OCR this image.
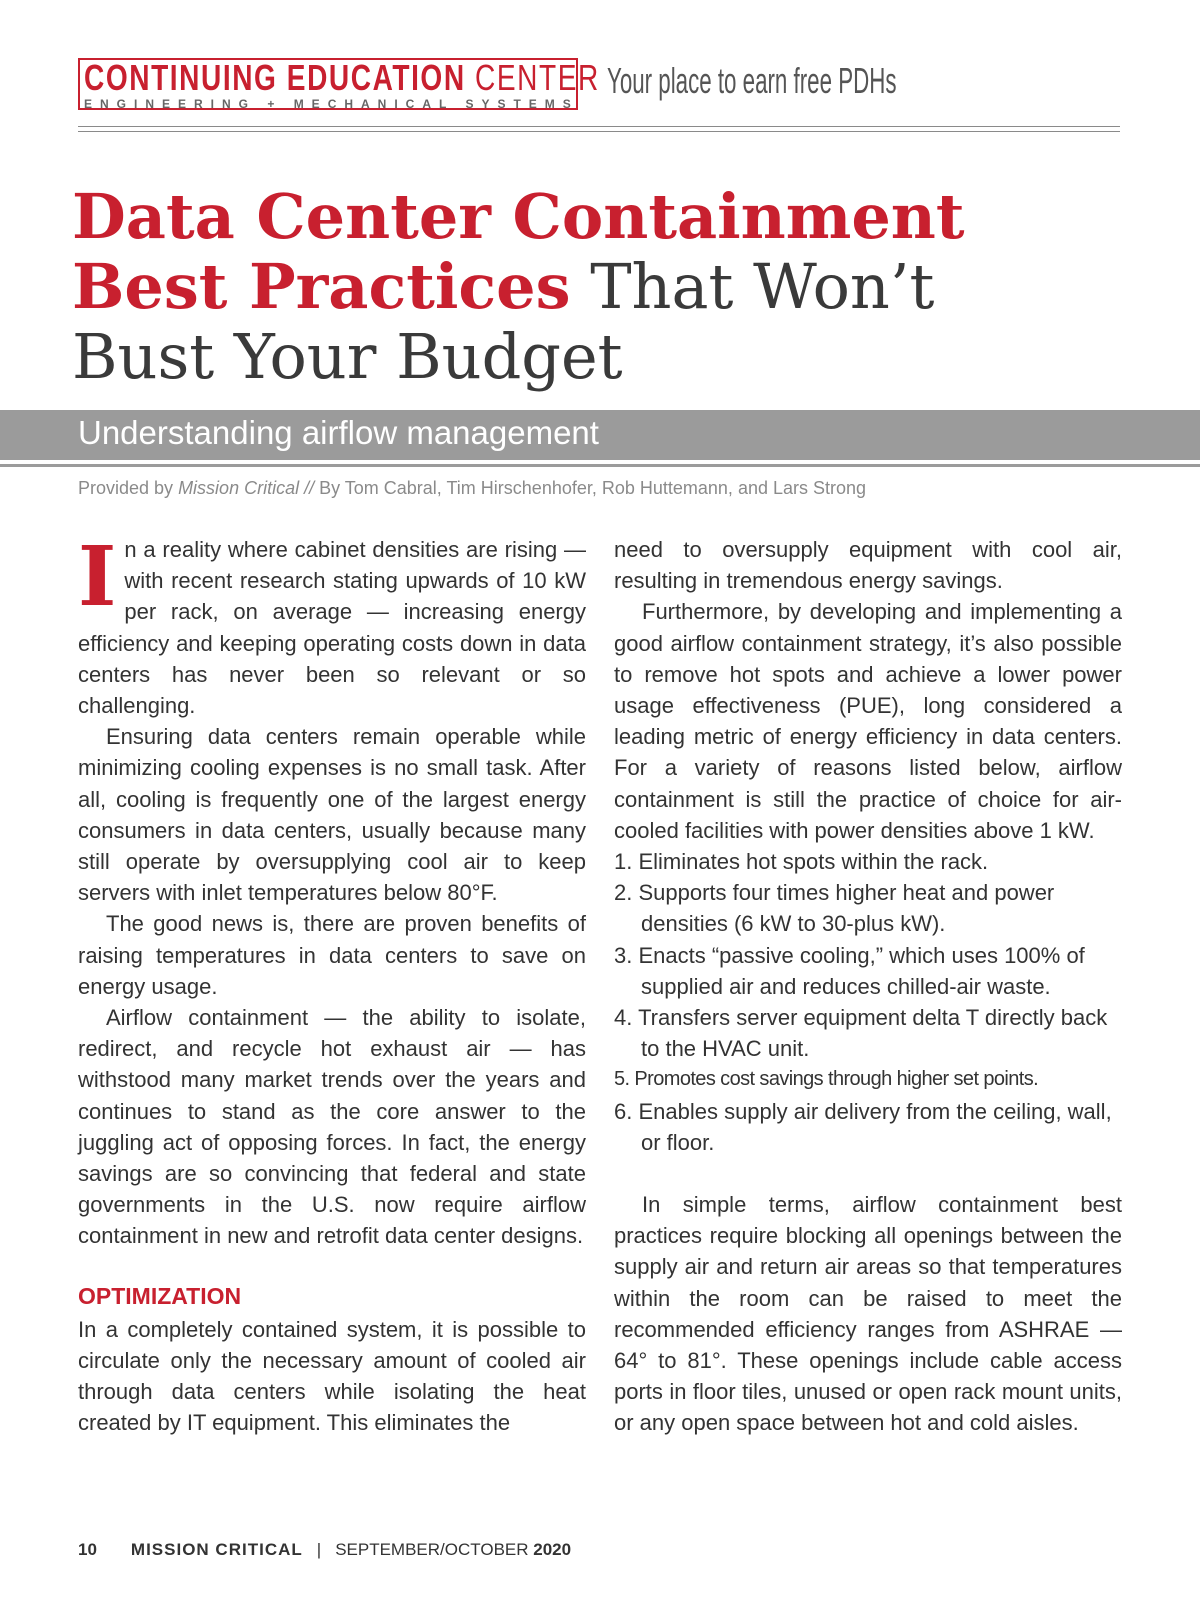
CONTINUING EDUCATION CENTER
ENGINEERING + MECHANICAL SYSTEMS
Your place to earn free PDHs
Data Center Containment
Best Practices That Won’t
Bust Your Budget
Understanding airflow management
Provided by Mission Critical // By Tom Cabral, Tim Hirschenhofer, Rob Huttemann, and Lars Strong

In a reality where cabinet densities are rising — with recent research stating upwards of 10 kW per rack, on average — increasing energy efficiency and keeping operating costs down in data centers has never been so relevant or so challenging.

Ensuring data centers remain operable while minimizing cooling expenses is no small task. After all, cooling is frequently one of the largest energy consumers in data centers, usually because many still operate by oversupplying cool air to keep servers with inlet temperatures below 80°F.

The good news is, there are proven benefits of raising temperatures in data centers to save on energy usage.

Airflow containment — the ability to isolate, redirect, and recycle hot exhaust air — has withstood many market trends over the years and continues to stand as the core answer to the juggling act of opposing forces. In fact, the energy savings are so convincing that federal and state governments in the U.S. now require airflow containment in new and retrofit data center designs.

OPTIMIZATION

In a completely contained system, it is possible to circulate only the necessary amount of cooled air through data centers while isolating the heat created by IT equipment. This eliminates the

need to oversupply equipment with cool air, resulting in tremendous energy savings.

Furthermore, by developing and implementing a good airflow containment strategy, it’s also possible to remove hot spots and achieve a lower power usage effectiveness (PUE), long considered a leading metric of energy efficiency in data centers. For a variety of reasons listed below, airflow containment is still the practice of choice for air-cooled facilities with power densities above 1 kW.

1. Eliminates hot spots within the rack.
2. Supports four times higher heat and power densities (6 kW to 30-plus kW).
3. Enacts “passive cooling,” which uses 100% of supplied air and reduces chilled-air waste.
4. Transfers server equipment delta T directly back to the HVAC unit.
5. Promotes cost savings through higher set points.
6. Enables supply air delivery from the ceiling, wall, or floor.

In simple terms, airflow containment best practices require blocking all openings between the supply air and return air areas so that temperatures within the room can be raised to meet the recommended efficiency ranges from ASHRAE — 64° to 81°. These openings include cable access ports in floor tiles, unused or open rack mount units, or any open space between hot and cold aisles.

10 MISSION CRITICAL | SEPTEMBER/OCTOBER 2020
